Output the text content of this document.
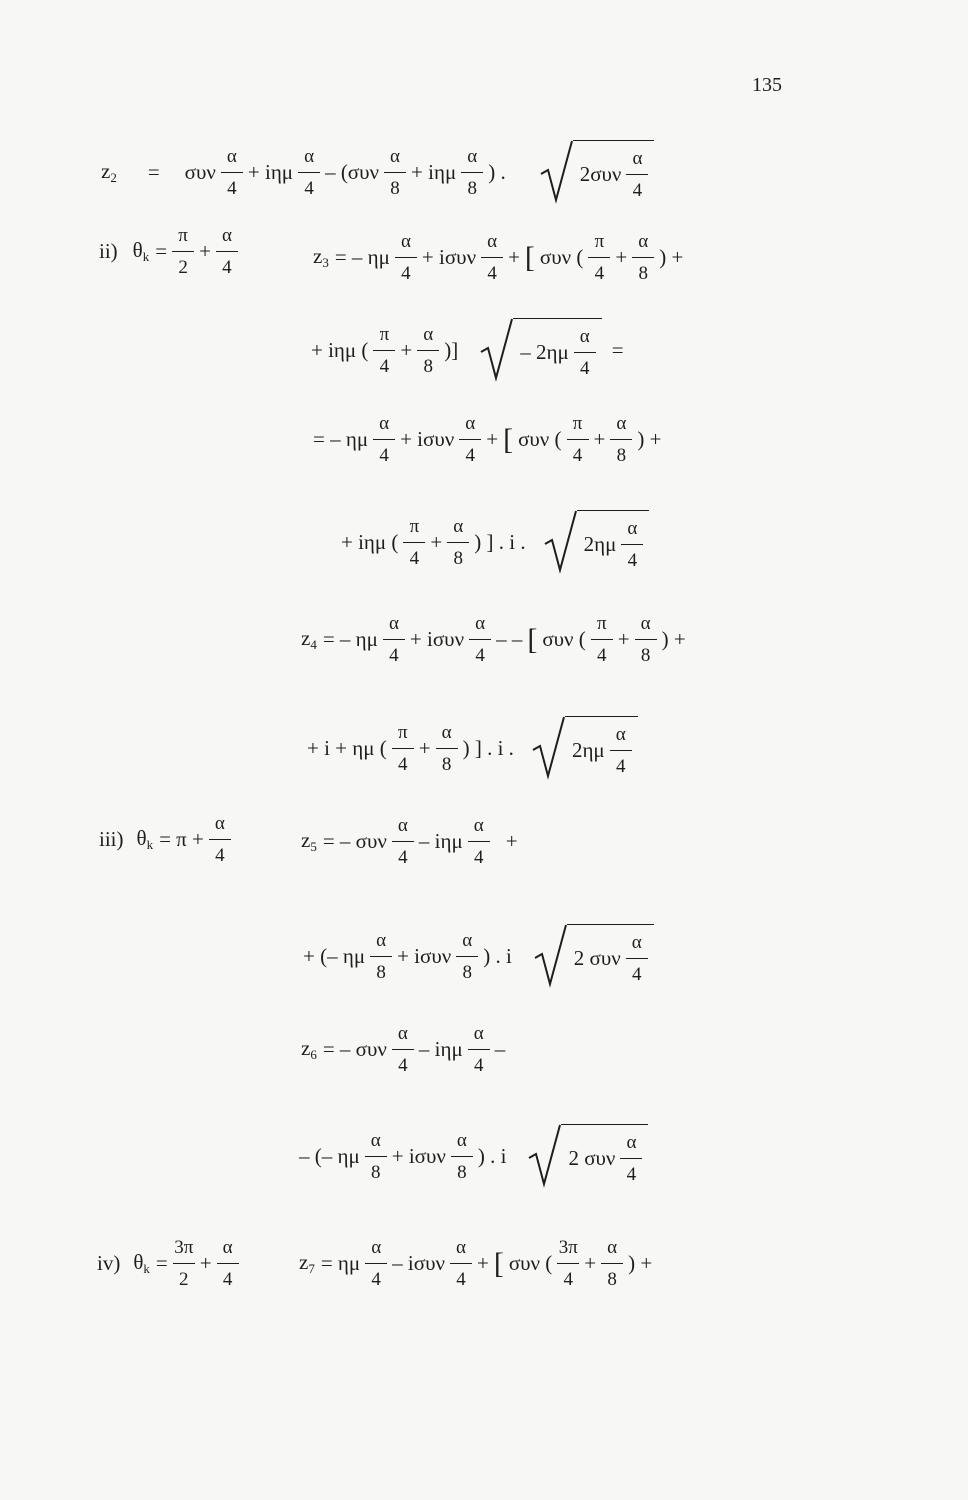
135
$z_2$	=	συν
α
4
+ iημ
α
4
– (συν
α
8
+ iημ
α
8
) .	2συν
α
4
ii) $\theta_k$ =
π
2
+
α
4	$z_3$ = – ημ
α
4
+ iσυν
α
4
+ [ συν (
π
4
+
α
8
) +
+ iημ (
π
4
+
α
8
)]	– 2ημ
α
4
=
= – ημ
α
4
+ iσυν
α
4
+ [ συν (
π
4
+
α
8
) +
+ iημ (
π
4
+
α
8
) ] . i .	2ημ
α
4
$z_4$ = – ημ
α
4
+ iσυν
α
4
– – [ συν (
π
4
+
α
8
) +
+ i + ημ (
π
4
+
α
8
) ] . i .	2ημ
α
4
iii) $\theta_k = \pi$ +
α
4
$z_5$ = – συν
α
4
– iημ
α
4
+
+ (– ημ
α
8
+ iσυν
α
8
) . i	2 συν
α
4
$z_6$ = – συν
α
4
– iημ
α
4
–
– (– ημ
α
8
+ iσυν
α
8
) . i	2 συν
α
4
iv) $\theta_k$ =
3π
2
+
α
4
$z_7 = \eta\mu$
α
4
– iσυν
α
4
+ [ συν (
3π
4
+
α
8
) +
